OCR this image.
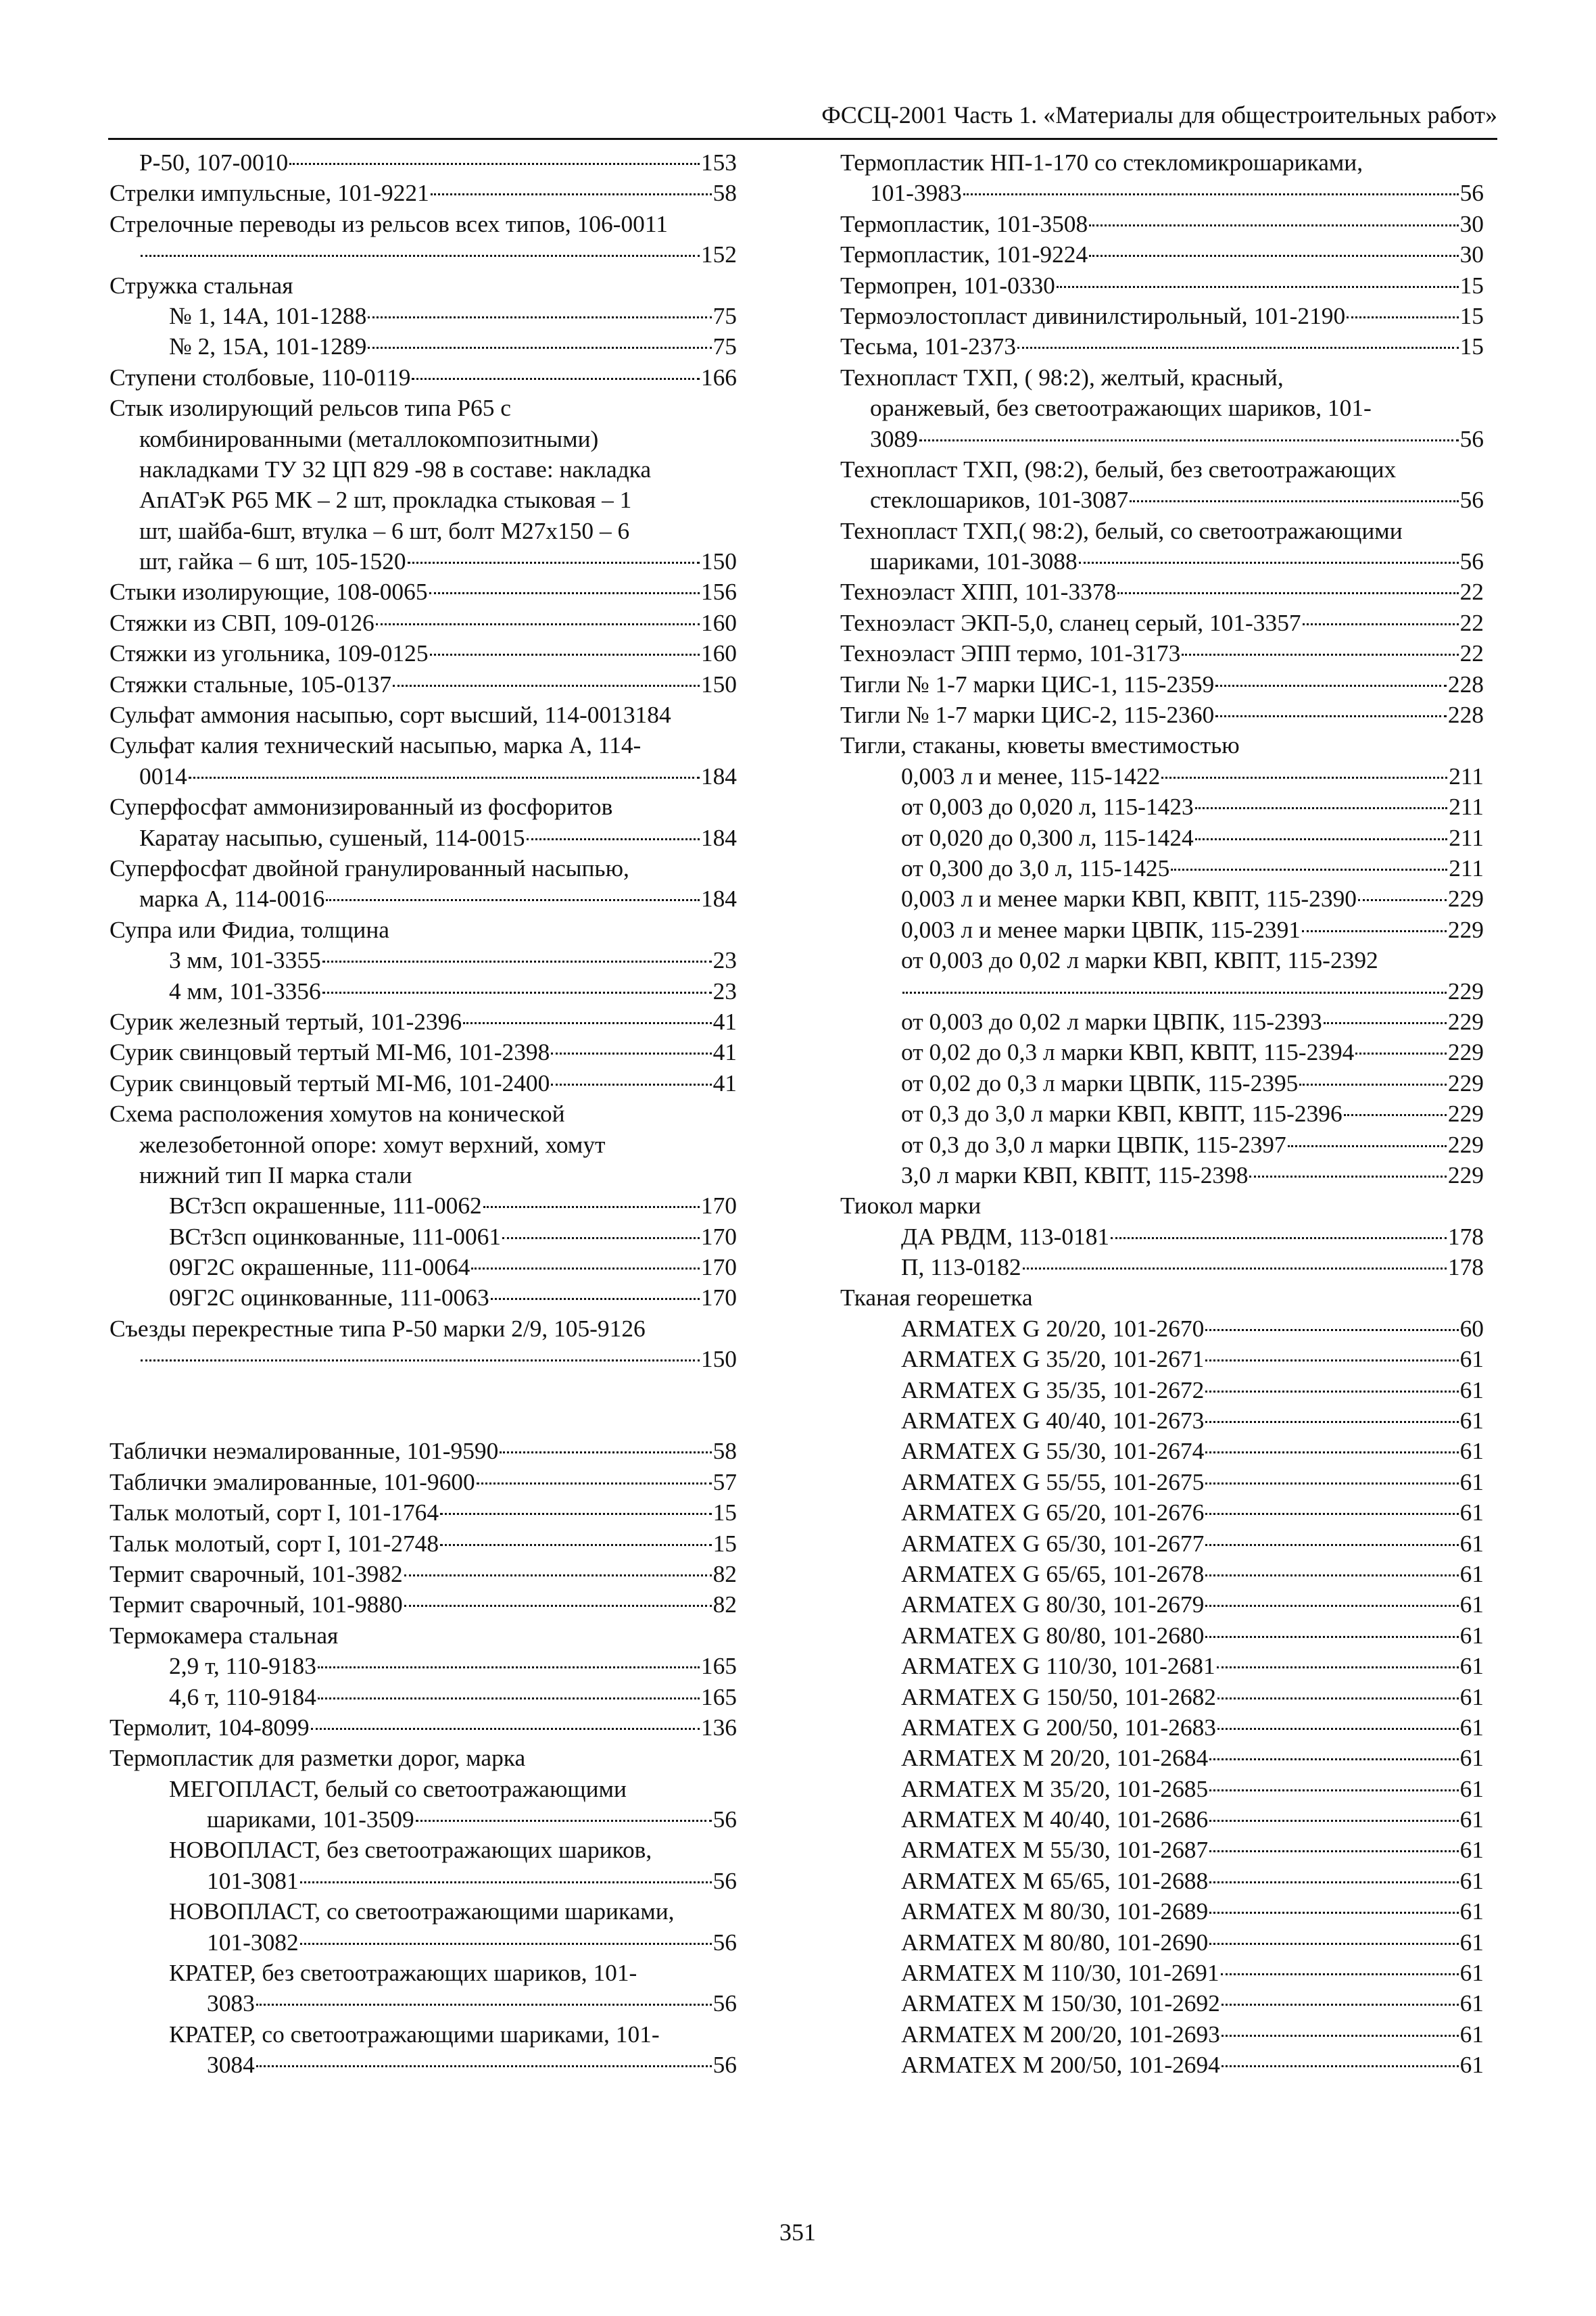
ФССЦ-2001 Часть 1. «Материалы для общестроительных работ»
Р-50, 107-0010	153
Стрелки импульсные, 101-9221	58
Стрелочные переводы из рельсов всех типов, 106-0011
152
Стружка стальная
№ 1, 14А, 101-1288	75
№ 2, 15А, 101-1289	75
Ступени столбовые, 110-0119	166
Стык изолирующий рельсов типа Р65 с
комбинированными (металлокомпозитными)
накладками ТУ 32 ЦП 829 -98 в составе: накладка
АпАТэК Р65 МК – 2 шт, прокладка стыковая – 1
шт, шайба-6шт, втулка – 6 шт, болт М27х150 – 6
шт, гайка – 6 шт, 105-1520	150
Стыки изолирующие, 108-0065	156
Стяжки из СВП, 109-0126	160
Стяжки из угольника, 109-0125	160
Стяжки стальные, 105-0137	150
Сульфат аммония насыпью, сорт высший, 114-0013184
Сульфат калия технический насыпью, марка А, 114-
0014	184
Суперфосфат аммонизированный из фосфоритов
Каратау насыпью, сушеный, 114-0015	184
Суперфосфат двойной гранулированный насыпью,
марка А, 114-0016	184
Супра или Фидиа, толщина
3 мм, 101-3355	23
4 мм, 101-3356	23
Сурик железный тертый, 101-2396	41
Сурик свинцовый тертый МІ-М6, 101-2398	41
Сурик свинцовый тертый МІ-М6, 101-2400	41
Схема расположения хомутов на конической
железобетонной опоре: хомут верхний, хомут
нижний тип II марка стали
ВСт3сп окрашенные, 111-0062	170
ВСт3сп оцинкованные, 111-0061	170
09Г2С окрашенные, 111-0064	170
09Г2С оцинкованные, 111-0063	170
Съезды перекрестные типа Р-50 марки 2/9, 105-9126
150
Таблички неэмалированные, 101-9590	58
Таблички эмалированные, 101-9600	57
Тальк молотый, сорт I, 101-1764	15
Тальк молотый, сорт I, 101-2748	15
Термит сварочный, 101-3982	82
Термит сварочный, 101-9880	82
Термокамера стальная
2,9 т, 110-9183	165
4,6 т, 110-9184	165
Термолит, 104-8099	136
Термопластик для разметки дорог, марка
МЕГОПЛАСТ, белый со светоотражающими
шариками, 101-3509	56
НОВОПЛАСТ, без светоотражающих шариков,
101-3081	56
НОВОПЛАСТ, со светоотражающими шариками,
101-3082	56
КРАТЕР, без светоотражающих шариков, 101-
3083	56
КРАТЕР, со светоотражающими шариками, 101-
3084	56
Термопластик НП-1-170 со стекломикрошариками,
101-3983	56
Термопластик, 101-3508	30
Термопластик, 101-9224	30
Термопрен, 101-0330	15
Термоэлостопласт дивинилстирольный, 101-2190	15
Тесьма, 101-2373	15
Технопласт ТХП, ( 98:2), желтый, красный,
оранжевый, без светоотражающих шариков, 101-
3089	56
Технопласт ТХП, (98:2), белый, без светоотражающих
стеклошариков, 101-3087	56
Технопласт ТХП,( 98:2), белый, со светоотражающими
шариками, 101-3088	56
Техноэласт ХПП, 101-3378	22
Техноэласт ЭКП-5,0, сланец серый, 101-3357	22
Техноэласт ЭПП термо, 101-3173	22
Тигли № 1-7 марки ЦИС-1, 115-2359	228
Тигли № 1-7 марки ЦИС-2, 115-2360	228
Тигли, стаканы, кюветы вместимостью
0,003 л и менее, 115-1422	211
от 0,003 до 0,020 л, 115-1423	211
от 0,020 до 0,300 л, 115-1424	211
от 0,300 до 3,0 л, 115-1425	211
0,003 л и менее марки КВП, КВПТ, 115-2390	229
0,003 л и менее марки ЦВПК, 115-2391	229
от 0,003 до 0,02 л марки КВП, КВПТ, 115-2392
229
от 0,003 до 0,02 л марки ЦВПК, 115-2393	229
от 0,02 до 0,3 л марки КВП, КВПТ, 115-2394	229
от 0,02 до 0,3 л марки ЦВПК, 115-2395	229
от 0,3 до 3,0 л марки КВП, КВПТ, 115-2396	229
от 0,3 до 3,0 л марки ЦВПК, 115-2397	229
3,0 л марки КВП, КВПТ, 115-2398	229
Тиокол марки
ДА РВДМ, 113-0181	178
П, 113-0182	178
Тканая георешетка
ARMATEX G 20/20, 101-2670	60
ARMATEX G 35/20, 101-2671	61
ARMATEX G 35/35, 101-2672	61
ARMATEX G 40/40, 101-2673	61
ARMATEX G 55/30, 101-2674	61
ARMATEX G 55/55, 101-2675	61
ARMATEX G 65/20, 101-2676	61
ARMATEX G 65/30, 101-2677	61
ARMATEX G 65/65, 101-2678	61
ARMATEX G 80/30, 101-2679	61
ARMATEX G 80/80, 101-2680	61
ARMATEX G 110/30, 101-2681	61
ARMATEX G 150/50, 101-2682	61
ARMATEX G 200/50, 101-2683	61
ARMATEX M 20/20, 101-2684	61
ARMATEX M 35/20, 101-2685	61
ARMATEX M 40/40, 101-2686	61
ARMATEX M 55/30, 101-2687	61
ARMATEX M 65/65, 101-2688	61
ARMATEX M 80/30, 101-2689	61
ARMATEX M 80/80, 101-2690	61
ARMATEX M 110/30, 101-2691	61
ARMATEX M 150/30, 101-2692	61
ARMATEX M 200/20, 101-2693	61
ARMATEX M 200/50, 101-2694	61
351
